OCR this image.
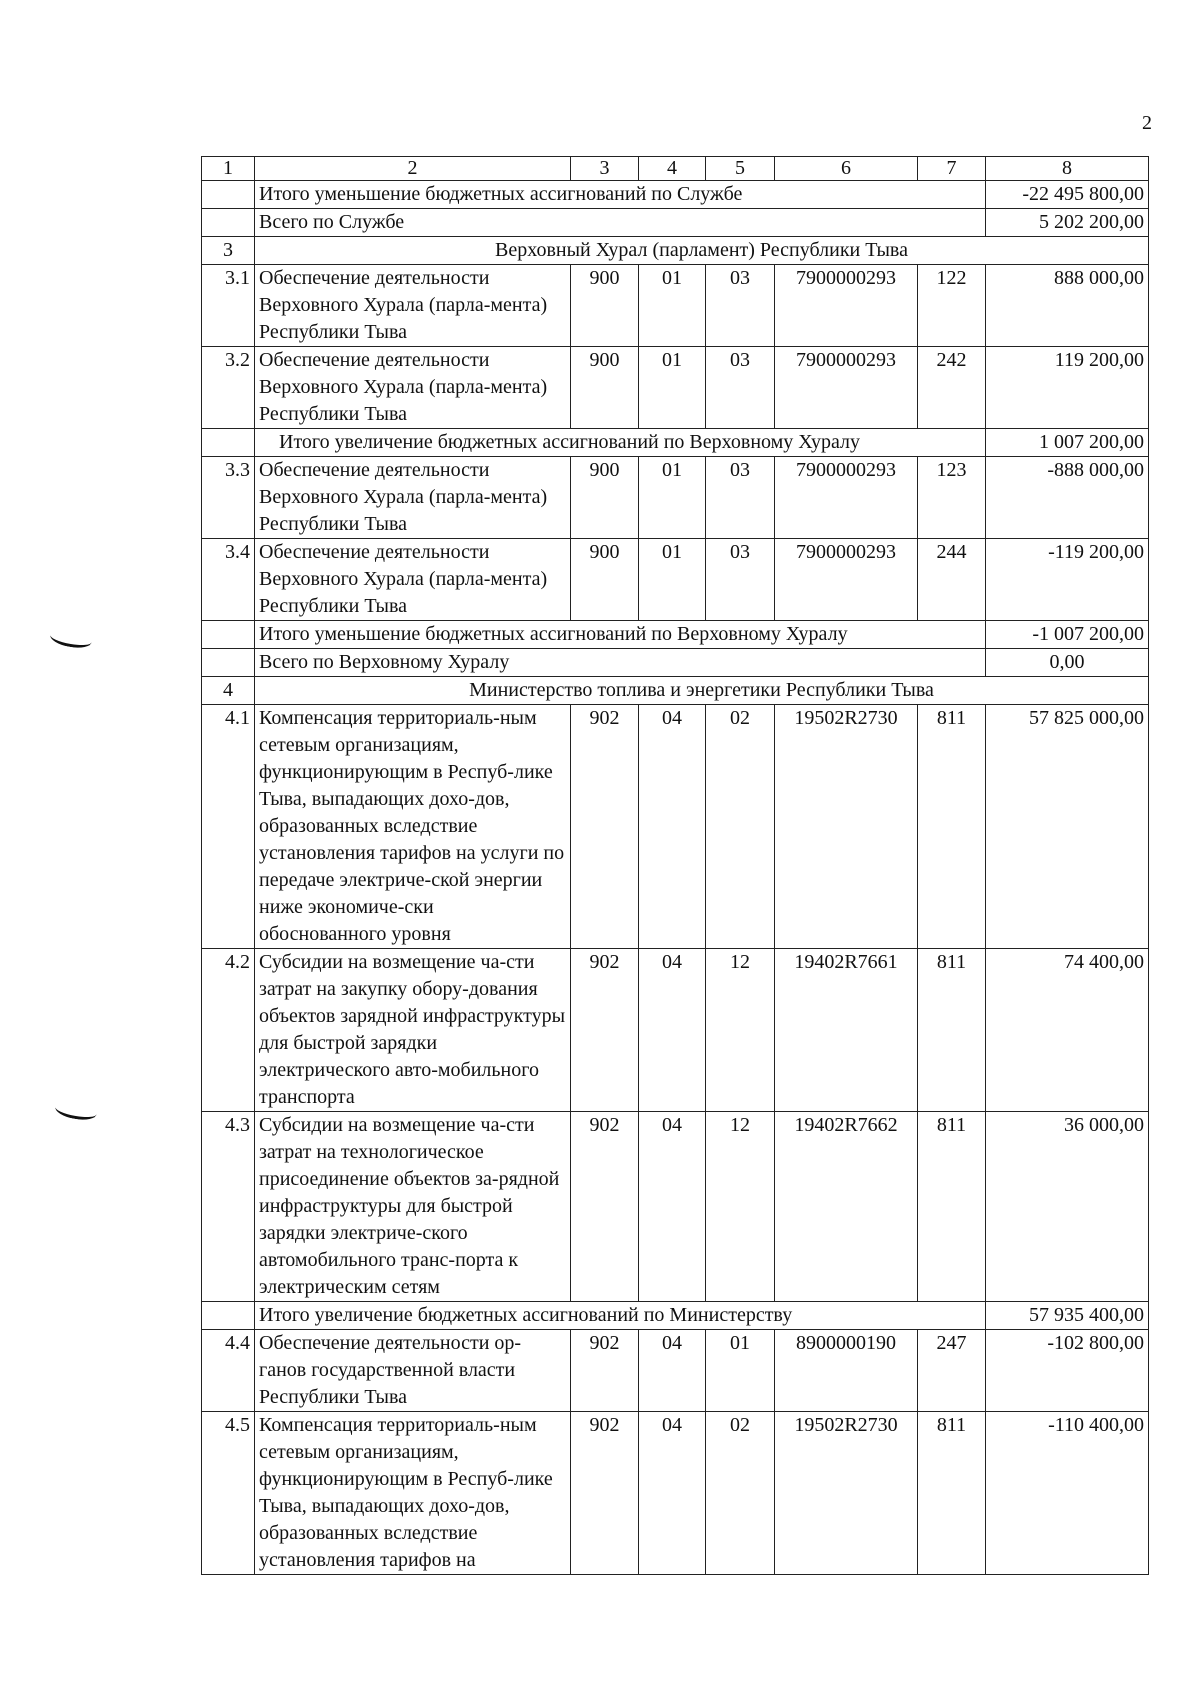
2
1	2	3	4	5	6	7	8
	Итого уменьшение бюджетных ассигнований по Службе						-22 495 800,00
	Всего по Службе						5 202 200,00
3	Верховный Хурал (парламент) Республики Тыва						
3.1	Обеспечение деятельности Верховного Хурала (парла-мента) Республики Тыва	900	01	03	7900000293	122	888 000,00
3.2	Обеспечение деятельности Верховного Хурала (парла-мента) Республики Тыва	900	01	03	7900000293	242	119 200,00
	Итого увеличение бюджетных ассигнований по Верховному Хуралу						1 007 200,00
3.3	Обеспечение деятельности Верховного Хурала (парла-мента) Республики Тыва	900	01	03	7900000293	123	-888 000,00
3.4	Обеспечение деятельности Верховного Хурала (парла-мента) Республики Тыва	900	01	03	7900000293	244	-119 200,00
	Итого уменьшение бюджетных ассигнований по Верховному Хуралу						-1 007 200,00
	Всего по Верховному Хуралу						0,00
4	Министерство топлива и энергетики Республики Тыва						
4.1	Компенсация территориаль-ным сетевым организациям, функционирующим в Респуб-лике Тыва, выпадающих дохо-дов, образованных вследствие установления тарифов на услуги по передаче электриче-ской энергии ниже экономиче-ски обоснованного уровня	902	04	02	19502R2730	811	57 825 000,00
4.2	Субсидии на возмещение ча-сти затрат на закупку обору-дования объектов зарядной инфраструктуры для быстрой зарядки электрического авто-мобильного транспорта	902	04	12	19402R7661	811	74 400,00
4.3	Субсидии на возмещение ча-сти затрат на технологическое присоединение объектов за-рядной инфраструктуры для быстрой зарядки электриче-ского автомобильного транс-порта к электрическим сетям	902	04	12	19402R7662	811	36 000,00
	Итого увеличение бюджетных ассигнований по Министерству						57 935 400,00
4.4	Обеспечение деятельности ор-ганов государственной власти Республики Тыва	902	04	01	8900000190	247	-102 800,00
4.5	Компенсация территориаль-ным сетевым организациям, функционирующим в Респуб-лике Тыва, выпадающих дохо-дов, образованных вследствие установления тарифов на	902	04	02	19502R2730	811	-110 400,00
